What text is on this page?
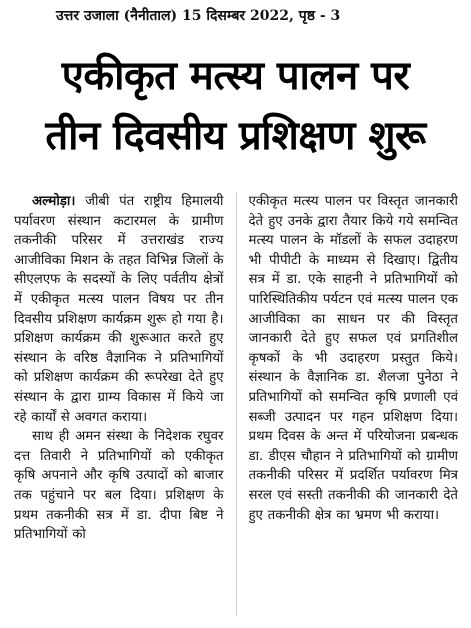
उत्तर उजाला (नैनीताल) 15 दिसम्बर 2022, पृष्ठ - 3
एकीकृत मत्स्य पालन पर
तीन दिवसीय प्रशिक्षण शुरू

अल्मोड़ा। जीबी पंत राष्ट्रीय हिमालयी पर्यावरण संस्थान कटारमल के ग्रामीण तकनीकी परिसर में उत्तराखंड राज्य आजीविका मिशन के तहत विभिन्न जिलों के सीएलएफ के सदस्यों के लिए पर्वतीय क्षेत्रों में एकीकृत मत्स्य पालन विषय पर तीन दिवसीय प्रशिक्षण कार्यक्रम शुरू हो गया है। प्रशिक्षण कार्यक्रम की शुरूआत करते हुए संस्थान के वरिष्ठ वैज्ञानिक ने प्रतिभागियों को प्रशिक्षण कार्यक्रम की रूपरेखा देते हुए संस्थान के द्वारा ग्राम्य विकास में किये जा रहे कार्यों से अवगत कराया।

साथ ही अमन संस्था के निदेशक रघुवर दत्त तिवारी ने प्रतिभागियों को एकीकृत कृषि अपनाने और कृषि उत्पादों को बाजार तक पहुंचाने पर बल दिया। प्रशिक्षण के प्रथम तकनीकी सत्र में डा. दीपा बिष्ट ने प्रतिभागियों को

एकीकृत मत्स्य पालन पर विस्तृत जानकारी देते हुए उनके द्वारा तैयार किये गये समन्वित मत्स्य पालन के मॉडलों के सफल उदाहरण भी पीपीटी के माध्यम से दिखाए। द्वितीय सत्र में डा. एके साहनी ने प्रतिभागियों को पारिस्थितिकीय पर्यटन एवं मत्स्य पालन एक आजीविका का साधन पर की विस्तृत जानकारी देते हुए सफल एवं प्रगतिशील कृषकों के भी उदाहरण प्रस्तुत किये। संस्थान के वैज्ञानिक डा. शैलजा पुनेठा ने प्रतिभागियों को समन्वित कृषि प्रणाली एवं सब्जी उत्पादन पर गहन प्रशिक्षण दिया। प्रथम दिवस के अन्त में परियोजना प्रबन्धक डा. डीएस चौहान ने प्रतिभागियों को ग्रामीण तकनीकी परिसर में प्रदर्शित पर्यावरण मित्र सरल एवं सस्ती तकनीकी की जानकारी देते हुए तकनीकी क्षेत्र का भ्रमण भी कराया।
